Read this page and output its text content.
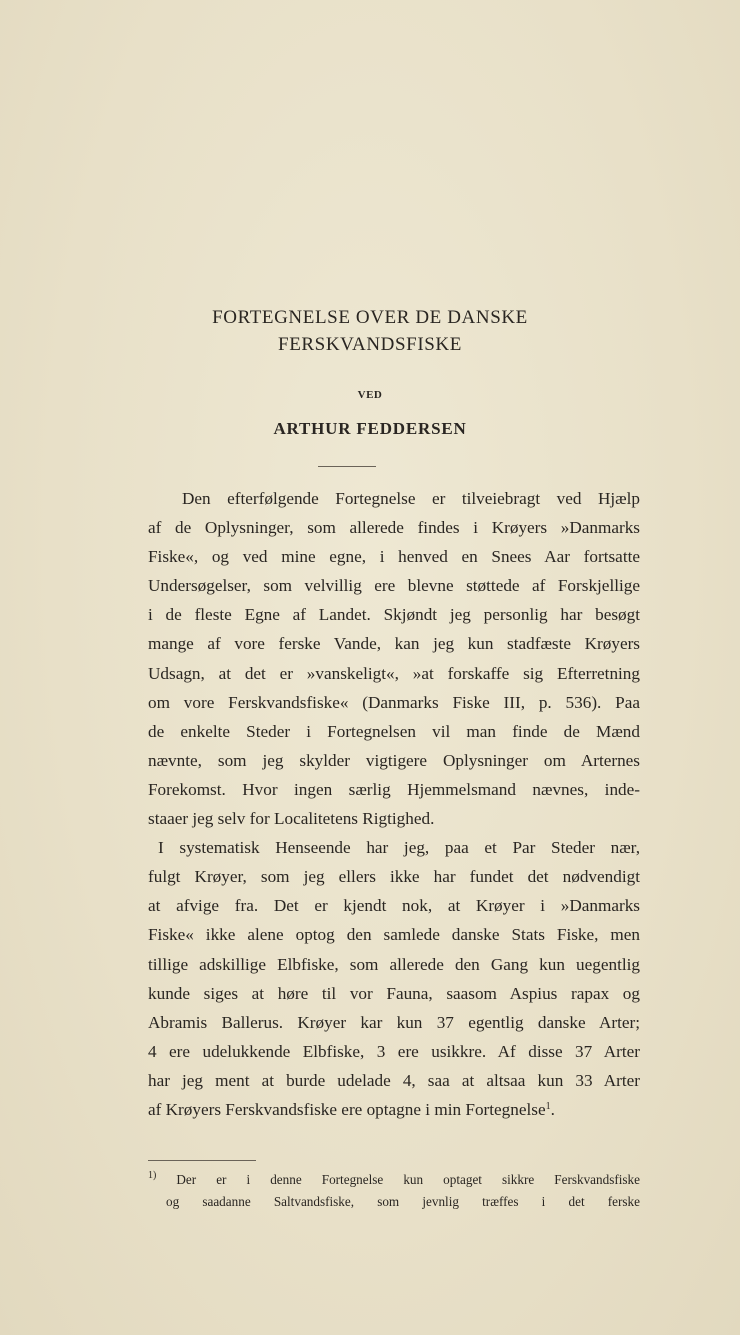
FORTEGNELSE OVER DE DANSKE
FERSKVANDSFISKE
VED
ARTHUR FEDDERSEN
Den efterfølgende Fortegnelse er tilveiebragt ved Hjælp
af de Oplysninger, som allerede findes i Krøyers »Danmarks
Fiske«, og ved mine egne, i henved en Snees Aar fortsatte
Undersøgelser, som velvillig ere blevne støttede af Forskjellige
i de fleste Egne af Landet. Skjøndt jeg personlig har besøgt
mange af vore ferske Vande, kan jeg kun stadfæste Krøyers
Udsagn, at det er »vanskeligt«, »at forskaffe sig Efterretning
om vore Ferskvandsfiske« (Danmarks Fiske III, p. 536). Paa
de enkelte Steder i Fortegnelsen vil man finde de Mænd
nævnte, som jeg skylder vigtigere Oplysninger om Arternes
Forekomst. Hvor ingen særlig Hjemmelsmand nævnes, inde-
staaer jeg selv for Localitetens Rigtighed.
I systematisk Henseende har jeg, paa et Par Steder nær,
fulgt Krøyer, som jeg ellers ikke har fundet det nødvendigt
at afvige fra. Det er kjendt nok, at Krøyer i »Danmarks
Fiske« ikke alene optog den samlede danske Stats Fiske, men
tillige adskillige Elbfiske, som allerede den Gang kun uegentlig
kunde siges at høre til vor Fauna, saasom Aspius rapax og
Abramis Ballerus. Krøyer kar kun 37 egentlig danske Arter;
4 ere udelukkende Elbfiske, 3 ere usikkre. Af disse 37 Arter
har jeg ment at burde udelade 4, saa at altsaa kun 33 Arter
af Krøyers Ferskvandsfiske ere optagne i min Fortegnelse$^1$.
$^{1)}$ Der er i denne Fortegnelse kun optaget sikkre Ferskvandsfiske
og saadanne Saltvandsfiske, som jevnlig træffes i det ferske
